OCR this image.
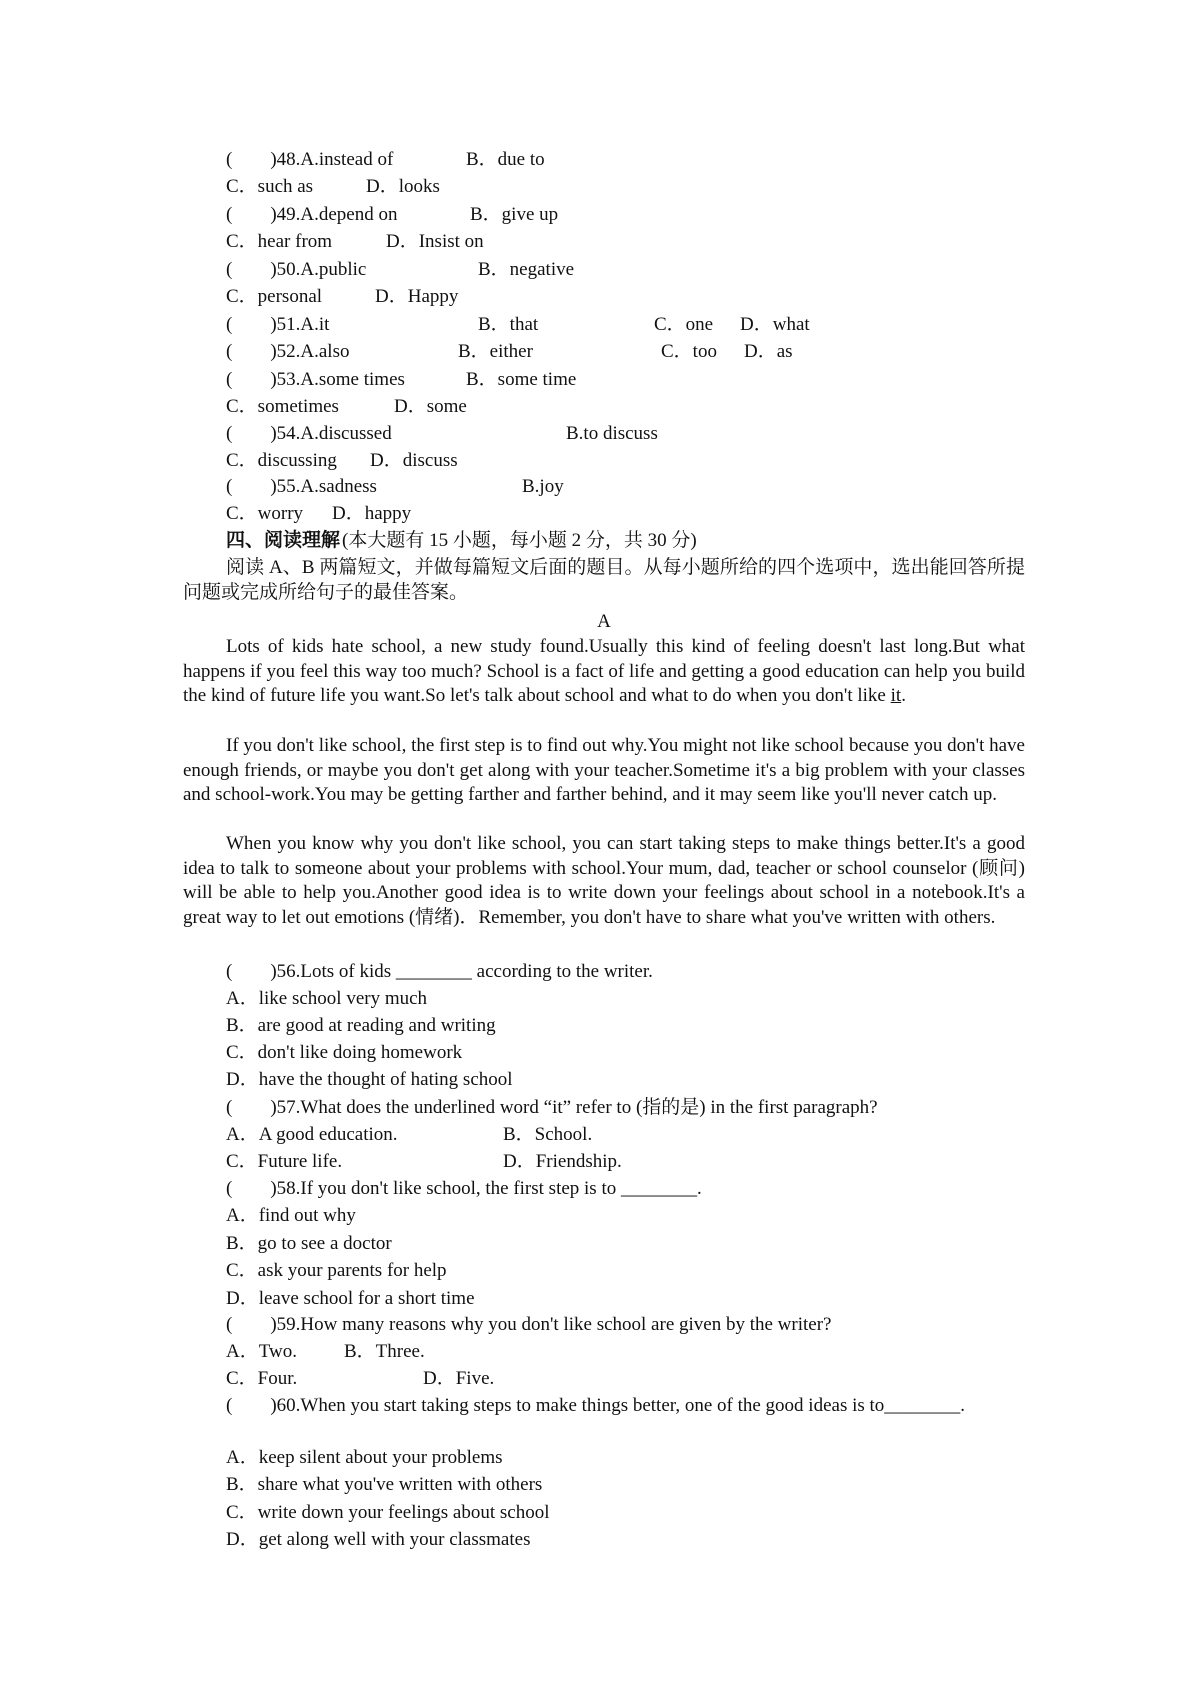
(　　)48.A.instead of	B．due to
C．such as	D．looks
(　　)49.A.depend on	B．give up
C．hear from	D．Insist on
(　　)50.A.public	B．negative
C．personal	D．Happy
(　　)51.A.it	B．that	C．one D．what
(　　)52.A.also	B．either	C．too D．as
(　　)53.A.some times	B．some time
C．sometimes	D．some
(　　)54.A.discussed	B.to discuss
C．discussing D．discuss
(　　)55.A.sadness	B.joy
C．worry D．happy
四、阅读理解 (本大题有 15 小题，每小题 2 分，共 30 分)
阅读 A、B 两篇短文，并做每篇短文后面的题目。从每小题所给的四个选项中，选出能回答所提问题或完成所给句子的最佳答案。
A
Lots of kids hate school, a new study found.Usually this kind of feeling doesn't last long.But what happens if you feel this way too much? School is a fact of life and getting a good education can help you build the kind of future life you want.So let's talk about school and what to do when you don't like it.
If you don't like school, the first step is to find out why.You might not like school because you don't have enough friends, or maybe you don't get along with your teacher.Sometime it's a big problem with your classes and school-work.You may be getting farther and farther behind, and it may seem like you'll never catch up.
When you know why you don't like school, you can start taking steps to make things better.It's a good idea to talk to someone about your problems with school.Your mum, dad, teacher or school counselor (顾问) will be able to help you.Another good idea is to write down your feelings about school in a notebook.It's a great way to let out emotions (情绪)．Remember, you don't have to share what you've written with others.
(　　)56.Lots of kids ________ according to the writer.
A．like school very much
B．are good at reading and writing
C．don't like doing homework
D．have the thought of hating school
(　　)57.What does the underlined word “it” refer to (指的是) in the first paragraph?
A．A good education.	B．School.
C．Future life.	D．Friendship.
(　　)58.If you don't like school, the first step is to ________.
A．find out why
B．go to see a doctor
C．ask your parents for help
D．leave school for a short time
(　　)59.How many reasons why you don't like school are given by the writer?
A．Two. B．Three.
C．Four.	D．Five.
(　　)60.When you start taking steps to make things better, one of the good ideas is to________.
A．keep silent about your problems
B．share what you've written with others
C．write down your feelings about school
D．get along well with your classmates
